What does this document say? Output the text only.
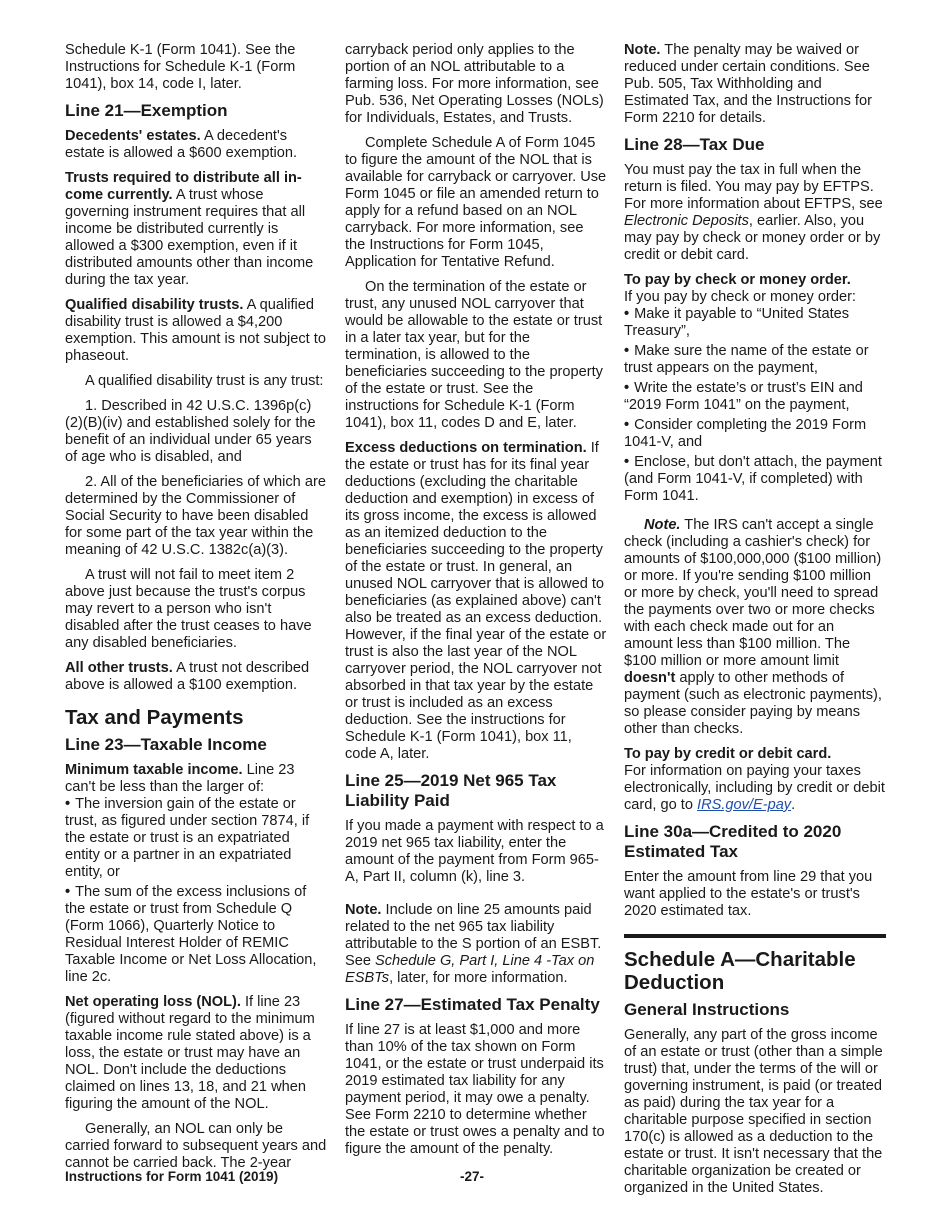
Schedule K-1 (Form 1041). See the Instructions for Schedule K-1 (Form 1041), box 14, code I, later.

Line 21—Exemption

Decedents' estates. A decedent's estate is allowed a $600 exemption.

Trusts required to distribute all income currently. A trust whose governing instrument requires that all income be distributed currently is allowed a $300 exemption, even if it distributed amounts other than income during the tax year.

Qualified disability trusts. A qualified disability trust is allowed a $4,200 exemption. This amount is not subject to phaseout.

A qualified disability trust is any trust:

1. Described in 42 U.S.C. 1396p(c)(2)(B)(iv) and established solely for the benefit of an individual under 65 years of age who is disabled, and

2. All of the beneficiaries of which are determined by the Commissioner of Social Security to have been disabled for some part of the tax year within the meaning of 42 U.S.C. 1382c(a)(3).

A trust will not fail to meet item 2 above just because the trust's corpus may revert to a person who isn't disabled after the trust ceases to have any disabled beneficiaries.

All other trusts. A trust not described above is allowed a $100 exemption.

Tax and Payments
Line 23—Taxable Income

Minimum taxable income. Line 23 can't be less than the larger of:

• The inversion gain of the estate or trust, as figured under section 7874, if the estate or trust is an expatriated entity or a partner in an expatriated entity, or

• The sum of the excess inclusions of the estate or trust from Schedule Q (Form 1066), Quarterly Notice to Residual Interest Holder of REMIC Taxable Income or Net Loss Allocation, line 2c.

Net operating loss (NOL). If line 23 (figured without regard to the minimum taxable income rule stated above) is a loss, the estate or trust may have an NOL. Don't include the deductions claimed on lines 13, 18, and 21 when figuring the amount of the NOL.

Generally, an NOL can only be carried forward to subsequent years and cannot be carried back. The 2-year

carryback period only applies to the portion of an NOL attributable to a farming loss. For more information, see Pub. 536, Net Operating Losses (NOLs) for Individuals, Estates, and Trusts.

Complete Schedule A of Form 1045 to figure the amount of the NOL that is available for carryback or carryover. Use Form 1045 or file an amended return to apply for a refund based on an NOL carryback. For more information, see the Instructions for Form 1045, Application for Tentative Refund.

On the termination of the estate or trust, any unused NOL carryover that would be allowable to the estate or trust in a later tax year, but for the termination, is allowed to the beneficiaries succeeding to the property of the estate or trust. See the instructions for Schedule K-1 (Form 1041), box 11, codes D and E, later.

Excess deductions on termination. If the estate or trust has for its final year deductions (excluding the charitable deduction and exemption) in excess of its gross income, the excess is allowed as an itemized deduction to the beneficiaries succeeding to the property of the estate or trust. In general, an unused NOL carryover that is allowed to beneficiaries (as explained above) can't also be treated as an excess deduction. However, if the final year of the estate or trust is also the last year of the NOL carryover period, the NOL carryover not absorbed in that tax year by the estate or trust is included as an excess deduction. See the instructions for Schedule K-1 (Form 1041), box 11, code A, later.

Line 25—2019 Net 965 Tax Liability Paid

If you made a payment with respect to a 2019 net 965 tax liability, enter the amount of the payment from Form 965-A, Part II, column (k), line 3.

Note. Include on line 25 amounts paid related to the net 965 tax liability attributable to the S portion of an ESBT. See Schedule G, Part I, Line 4 -Tax on ESBTs, later, for more information.

Line 27—Estimated Tax Penalty

If line 27 is at least $1,000 and more than 10% of the tax shown on Form 1041, or the estate or trust underpaid its 2019 estimated tax liability for any payment period, it may owe a penalty. See Form 2210 to determine whether the estate or trust owes a penalty and to figure the amount of the penalty.

Note. The penalty may be waived or reduced under certain conditions. See Pub. 505, Tax Withholding and Estimated Tax, and the Instructions for Form 2210 for details.

Line 28—Tax Due

You must pay the tax in full when the return is filed. You may pay by EFTPS. For more information about EFTPS, see Electronic Deposits, earlier. Also, you may pay by check or money order or by credit or debit card.

To pay by check or money order.

If you pay by check or money order:

• Make it payable to “United States Treasury”,

• Make sure the name of the estate or trust appears on the payment,

• Write the estate’s or trust’s EIN and “2019 Form 1041” on the payment,

• Consider completing the 2019 Form 1041-V, and

• Enclose, but don't attach, the payment (and Form 1041-V, if completed) with Form 1041.

Note. The IRS can't accept a single check (including a cashier's check) for amounts of $100,000,000 ($100 million) or more. If you're sending $100 million or more by check, you'll need to spread the payments over two or more checks with each check made out for an amount less than $100 million. The $100 million or more amount limit doesn't apply to other methods of payment (such as electronic payments), so please consider paying by means other than checks.

To pay by credit or debit card.

For information on paying your taxes electronically, including by credit or debit card, go to IRS.gov/E-pay.

Line 30a—Credited to 2020 Estimated Tax

Enter the amount from line 29 that you want applied to the estate's or trust's 2020 estimated tax.

Schedule A—Charitable Deduction
General Instructions

Generally, any part of the gross income of an estate or trust (other than a simple trust) that, under the terms of the will or governing instrument, is paid (or treated as paid) during the tax year for a charitable purpose specified in section 170(c) is allowed as a deduction to the estate or trust. It isn't necessary that the charitable organization be created or organized in the United States.

Instructions for Form 1041 (2019)	-27-
